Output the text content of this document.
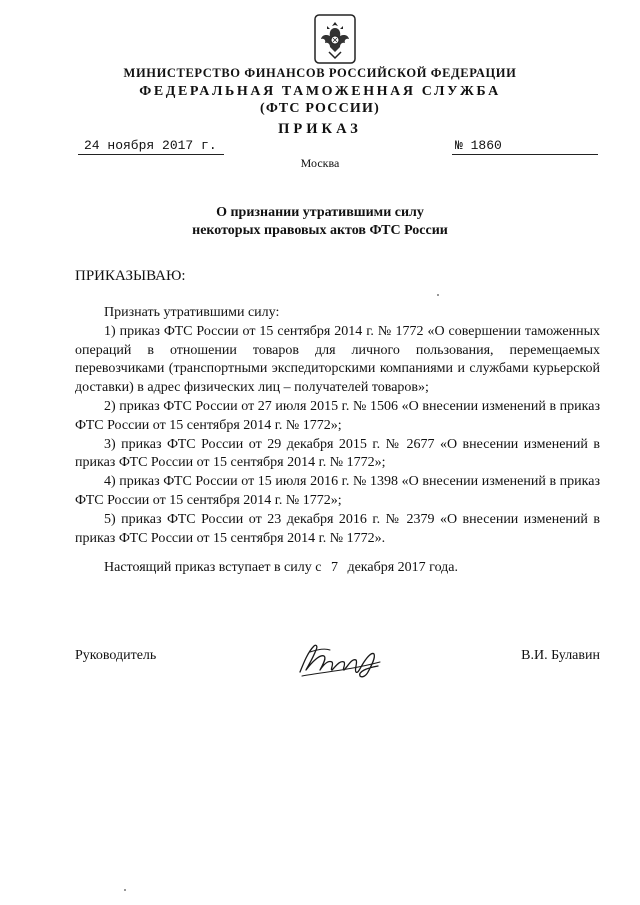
МИНИСТЕРСТВО ФИНАНСОВ РОССИЙСКОЙ ФЕДЕРАЦИИ
ФЕДЕРАЛЬНАЯ ТАМОЖЕННАЯ СЛУЖБА
(ФТС РОССИИ)
ПРИКАЗ
24 ноября 2017 г.	№ 1860
Москва
О признании утратившими силу
некоторых правовых актов ФТС России
ПРИКАЗЫВАЮ:

Признать утратившими силу:

1) приказ ФТС России от 15 сентября 2014 г. № 1772 «О совершении таможенных операций в отношении товаров для личного пользования, перемещаемых перевозчиками (транспортными экспедиторскими компаниями и службами курьерской доставки) в адрес физических лиц – получателей товаров»;

2) приказ ФТС России от 27 июля 2015 г. № 1506 «О внесении изменений в приказ ФТС России от 15 сентября 2014 г. № 1772»;

3) приказ ФТС России от 29 декабря 2015 г. № 2677 «О внесении изменений в приказ ФТС России от 15 сентября 2014 г. № 1772»;

4) приказ ФТС России от 15 июля 2016 г. № 1398 «О внесении изменений в приказ ФТС России от 15 сентября 2014 г. № 1772»;

5) приказ ФТС России от 23 декабря 2016 г. № 2379 «О внесении изменений в приказ ФТС России от 15 сентября 2014 г. № 1772».

Настоящий приказ вступает в силу с 7 декабря 2017 года.
Руководитель	В.И. Булавин
